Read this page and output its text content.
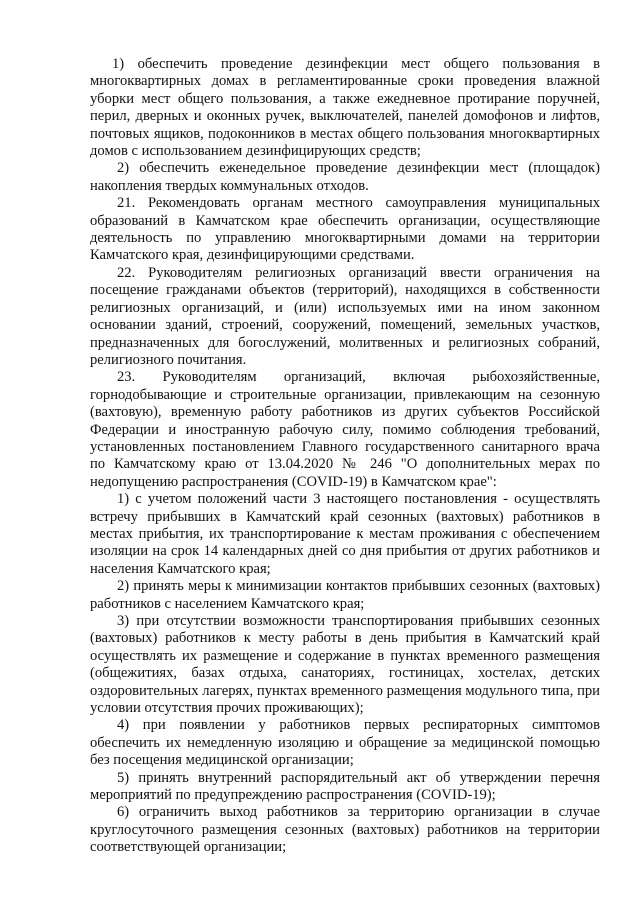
1) обеспечить проведение дезинфекции мест общего пользования в многоквартирных домах в регламентированные сроки проведения влажной уборки мест общего пользования, а также ежедневное протирание поручней, перил, дверных и оконных ручек, выключателей, панелей домофонов и лифтов, почтовых ящиков, подоконников в местах общего пользования многоквартирных домов с использованием дезинфицирующих средств;

2) обеспечить еженедельное проведение дезинфекции мест (площадок) накопления твердых коммунальных отходов.

21. Рекомендовать органам местного самоуправления муниципальных образований в Камчатском крае обеспечить организации, осуществляющие деятельность по управлению многоквартирными домами на территории Камчатского края, дезинфицирующими средствами.

22. Руководителям религиозных организаций ввести ограничения на посещение гражданами объектов (территорий), находящихся в собственности религиозных организаций, и (или) используемых ими на ином законном основании зданий, строений, сооружений, помещений, земельных участков, предназначенных для богослужений, молитвенных и религиозных собраний, религиозного почитания.

23. Руководителям организаций, включая рыбохозяйственные, горнодобывающие и строительные организации, привлекающим на сезонную (вахтовую), временную работу работников из других субъектов Российской Федерации и иностранную рабочую силу, помимо соблюдения требований, установленных постановлением Главного государственного санитарного врача по Камчатскому краю от 13.04.2020 № 246 "О дополнительных мерах по недопущению распространения (COVID-19) в Камчатском крае":

1) с учетом положений части 3 настоящего постановления - осуществлять встречу прибывших в Камчатский край сезонных (вахтовых) работников в местах прибытия, их транспортирование к местам проживания с обеспечением изоляции на срок 14 календарных дней со дня прибытия от других работников и населения Камчатского края;

2) принять меры к минимизации контактов прибывших сезонных (вахтовых) работников с населением Камчатского края;

3) при отсутствии возможности транспортирования прибывших сезонных (вахтовых) работников к месту работы в день прибытия в Камчатский край осуществлять их размещение и содержание в пунктах временного размещения (общежитиях, базах отдыха, санаториях, гостиницах, хостелах, детских оздоровительных лагерях, пунктах временного размещения модульного типа, при условии отсутствия прочих проживающих);

4) при появлении у работников первых респираторных симптомов обеспечить их немедленную изоляцию и обращение за медицинской помощью без посещения медицинской организации;

5) принять внутренний распорядительный акт об утверждении перечня мероприятий по предупреждению распространения (COVID-19);

6) ограничить выход работников за территорию организации в случае круглосуточного размещения сезонных (вахтовых) работников на территории соответствующей организации;
